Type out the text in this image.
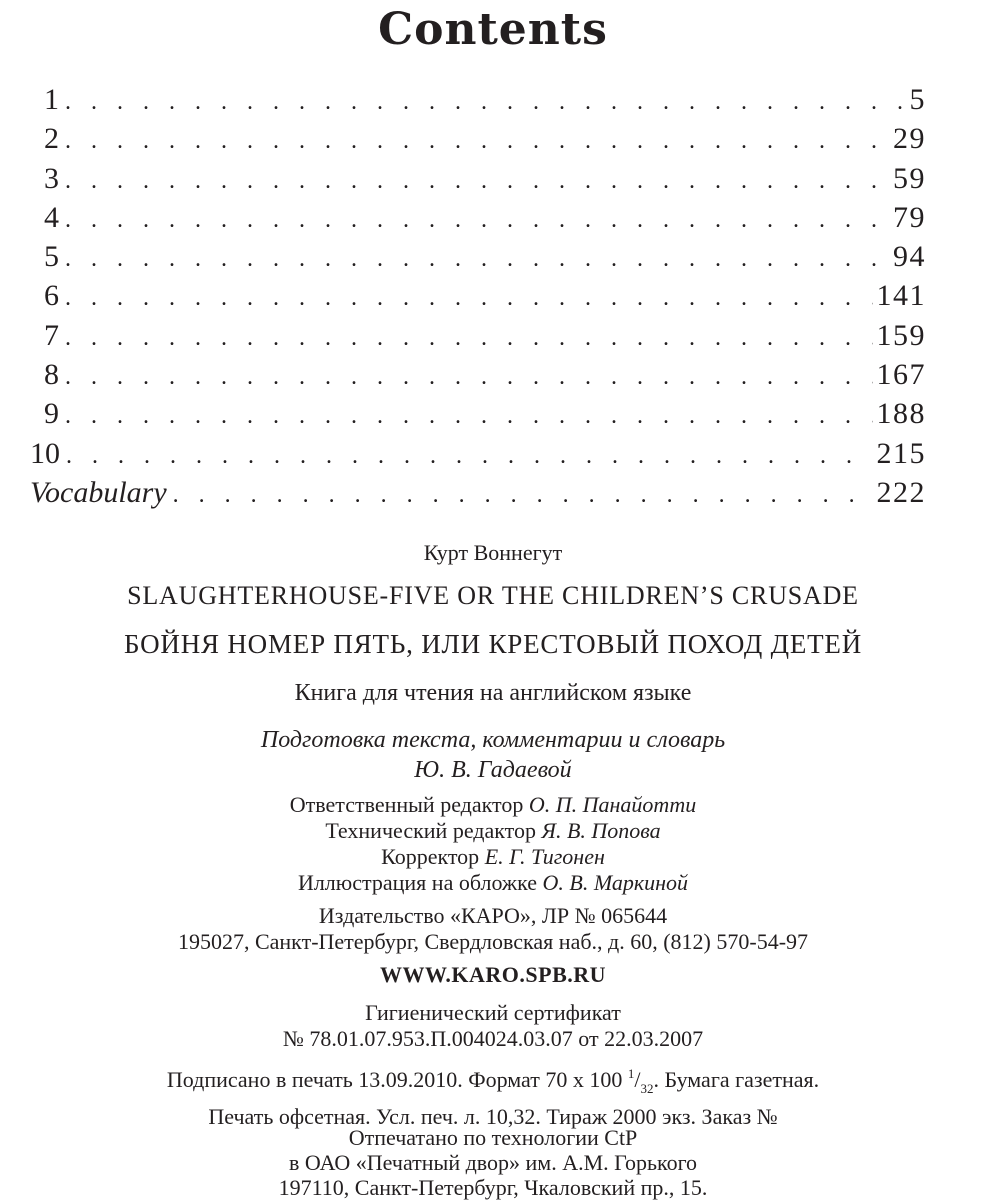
Contents
1 . . .	5
2 . . .	29
3 . . .	59
4 . . .	79
5 . . .	94
6 . . .	141
7 . . .	159
8 . . .	167
9 . . .	188
10 . . .	215
Vocabulary . . .	222
Курт Воннегут
SLAUGHTERHOUSE-FIVE OR THE CHILDREN’S CRUSADE
БОЙНЯ НОМЕР ПЯТЬ, ИЛИ КРЕСТОВЫЙ ПОХОД ДЕТЕЙ
Книга для чтения на английском языке
Подготовка текста, комментарии и словарь
Ю. В. Гадаевой
Ответственный редактор О. П. Панайотти
Технический редактор Я. В. Попова
Корректор Е. Г. Тигонен
Иллюстрация на обложке О. В. Маркиной
Издательство «КАРО», ЛР № 065644
195027, Санкт-Петербург, Свердловская наб., д. 60, (812) 570-54-97
WWW.KARO.SPB.RU
Гигиенический сертификат
№ 78.01.07.953.П.004024.03.07 от 22.03.2007
Подписано в печать 13.09.2010. Формат 70 х 100 $^1/_{32}$. Бумага газетная.
Печать офсетная. Усл. печ. л. 10,32. Тираж 2000 экз. Заказ №
Отпечатано по технологии CtP
в ОАО «Печатный двор» им. А.М. Горького
197110, Санкт-Петербург, Чкаловский пр., 15.
